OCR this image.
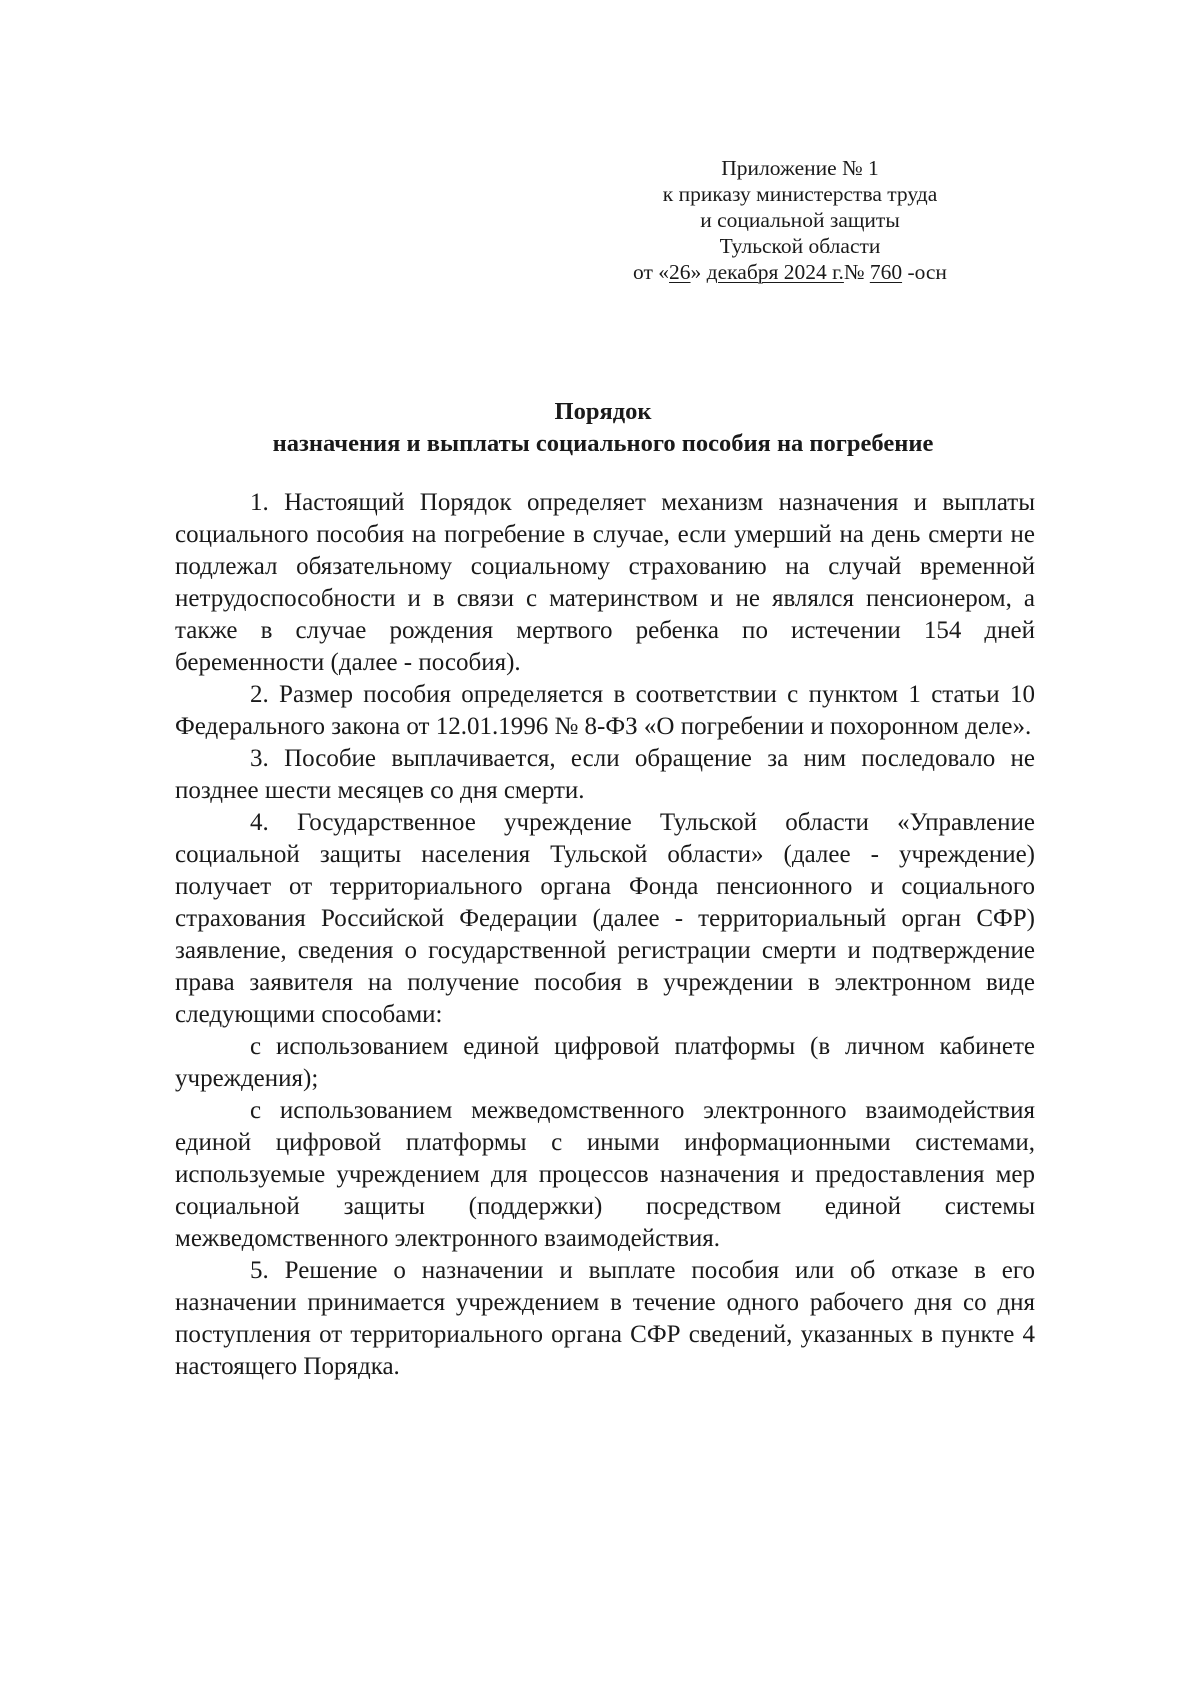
Приложение № 1
к приказу министерства труда
и социальной защиты
Тульской области
от «26» декабря 2024 г.№ 760 -осн
Порядок
назначения и выплаты социального пособия на погребение

1. Настоящий Порядок определяет механизм назначения и выплаты социального пособия на погребение в случае, если умерший на день смерти не подлежал обязательному социальному страхованию на случай временной нетрудоспособности и в связи с материнством и не являлся пенсионером, а также в случае рождения мертвого ребенка по истечении 154 дней беременности (далее - пособия).

2. Размер пособия определяется в соответствии с пунктом 1 статьи 10 Федерального закона от 12.01.1996 № 8-ФЗ «О погребении и похоронном деле».

3. Пособие выплачивается, если обращение за ним последовало не позднее шести месяцев со дня смерти.

4. Государственное учреждение Тульской области «Управление социальной защиты населения Тульской области» (далее - учреждение) получает от территориального органа Фонда пенсионного и социального страхования Российской Федерации (далее - территориальный орган СФР) заявление, сведения о государственной регистрации смерти и подтверждение права заявителя на получение пособия в учреждении в электронном виде следующими способами:

с использованием единой цифровой платформы (в личном кабинете учреждения);

с использованием межведомственного электронного взаимодействия единой цифровой платформы с иными информационными системами, используемые учреждением для процессов назначения и предоставления мер социальной защиты (поддержки) посредством единой системы межведомственного электронного взаимодействия.

5. Решение о назначении и выплате пособия или об отказе в его назначении принимается учреждением в течение одного рабочего дня со дня поступления от территориального органа СФР сведений, указанных в пункте 4 настоящего Порядка.
